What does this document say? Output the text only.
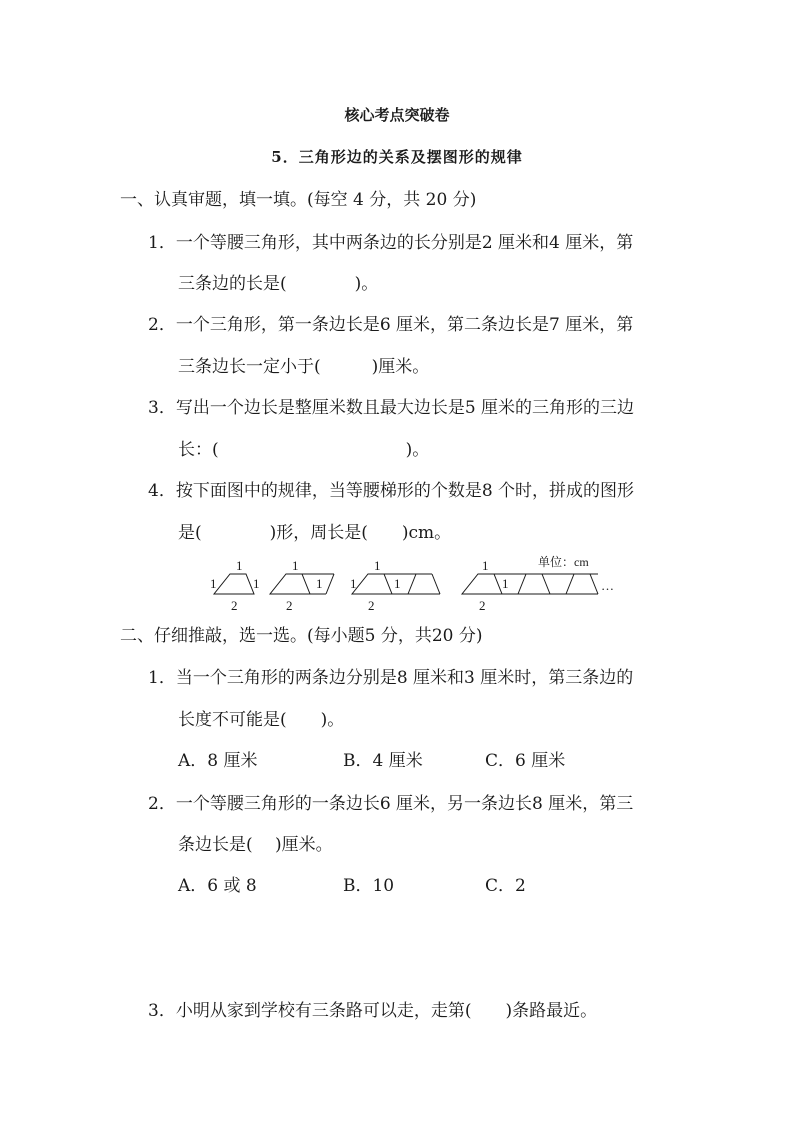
核心考点突破卷
5．三角形边的关系及摆图形的规律
一、认真审题，填一填。(每空 4 分，共 20 分)
1．一个等腰三角形，其中两条边的长分别是2 厘米和4 厘米，第
三条边的长是(　　　　)。
2．一个三角形，第一条边长是6 厘米，第二条边长是7 厘米，第
三条边长一定小于(　　　)厘米。
3．写出一个边长是整厘米数且最大边长是5 厘米的三角形的三边
长：(　　　　　　　　　　　)。
4．按下面图中的规律，当等腰梯形的个数是8 个时，拼成的图形
是(　　　　)形，周长是(　　)cm。
1
1	1
2
1
1
2
1
1	1
2
1
1
2
…
单位：cm
二、仔细推敲，选一选。(每小题5 分，共20 分)
1．当一个三角形的两条边分别是8 厘米和3 厘米时，第三条边的
长度不可能是(　　)。
A．8 厘米	B．4 厘米	C．6 厘米
2．一个等腰三角形的一条边长6 厘米，另一条边长8 厘米，第三
条边长是(　 )厘米。
A．6 或 8	B．10	C．2
3．小明从家到学校有三条路可以走，走第(　　)条路最近。
